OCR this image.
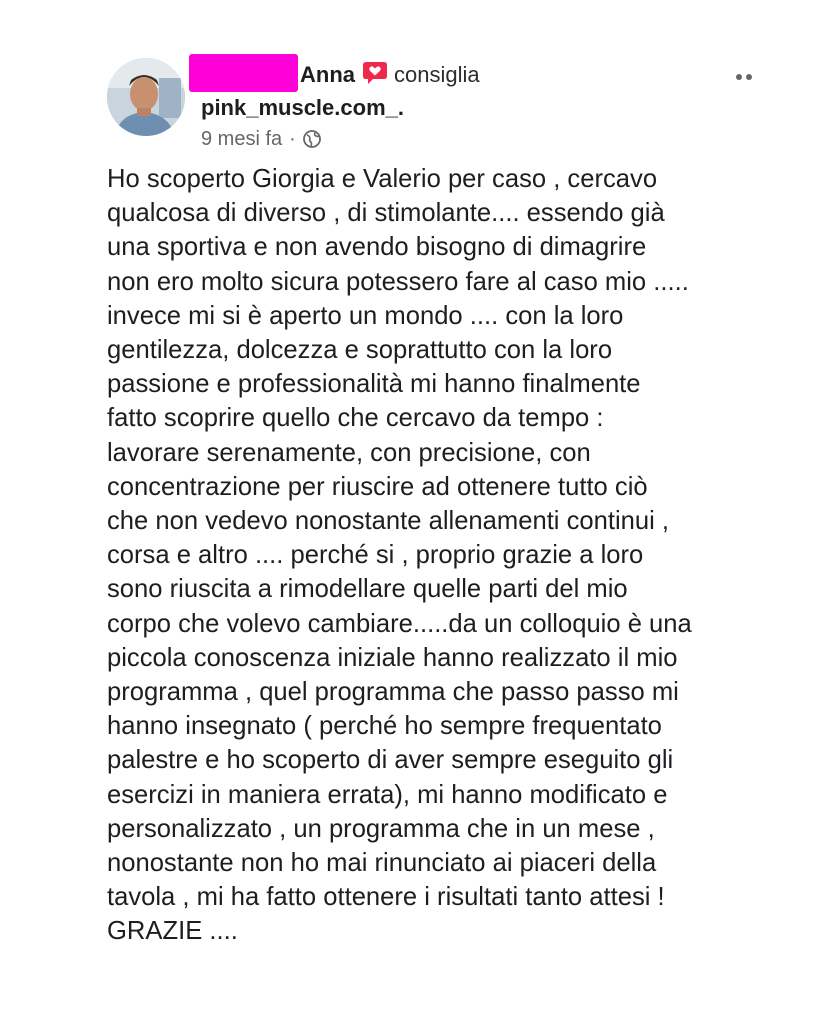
Anna consiglia
pink_muscle.com_.
9 mesi fa ·
Ho scoperto Giorgia e Valerio per caso , cercavo
qualcosa di diverso , di stimolante.... essendo già
una sportiva e non avendo bisogno di dimagrire
non ero molto sicura potessero fare al caso mio .....
invece mi si è aperto un mondo .... con la loro
gentilezza, dolcezza e soprattutto con la loro
passione e professionalità mi hanno finalmente
fatto scoprire quello che cercavo da tempo :
lavorare serenamente, con precisione, con
concentrazione per riuscire ad ottenere tutto ciò
che non vedevo nonostante allenamenti continui ,
corsa e altro .... perché si , proprio grazie a loro
sono riuscita a rimodellare quelle parti del mio
corpo che volevo cambiare.....da un colloquio è una
piccola conoscenza iniziale hanno realizzato il mio
programma , quel programma che passo passo mi
hanno insegnato ( perché ho sempre frequentato
palestre e ho scoperto di aver sempre eseguito gli
esercizi in maniera errata), mi hanno modificato e
personalizzato , un programma che in un mese ,
nonostante non ho mai rinunciato ai piaceri della
tavola , mi ha fatto ottenere i risultati tanto attesi !
GRAZIE ....
